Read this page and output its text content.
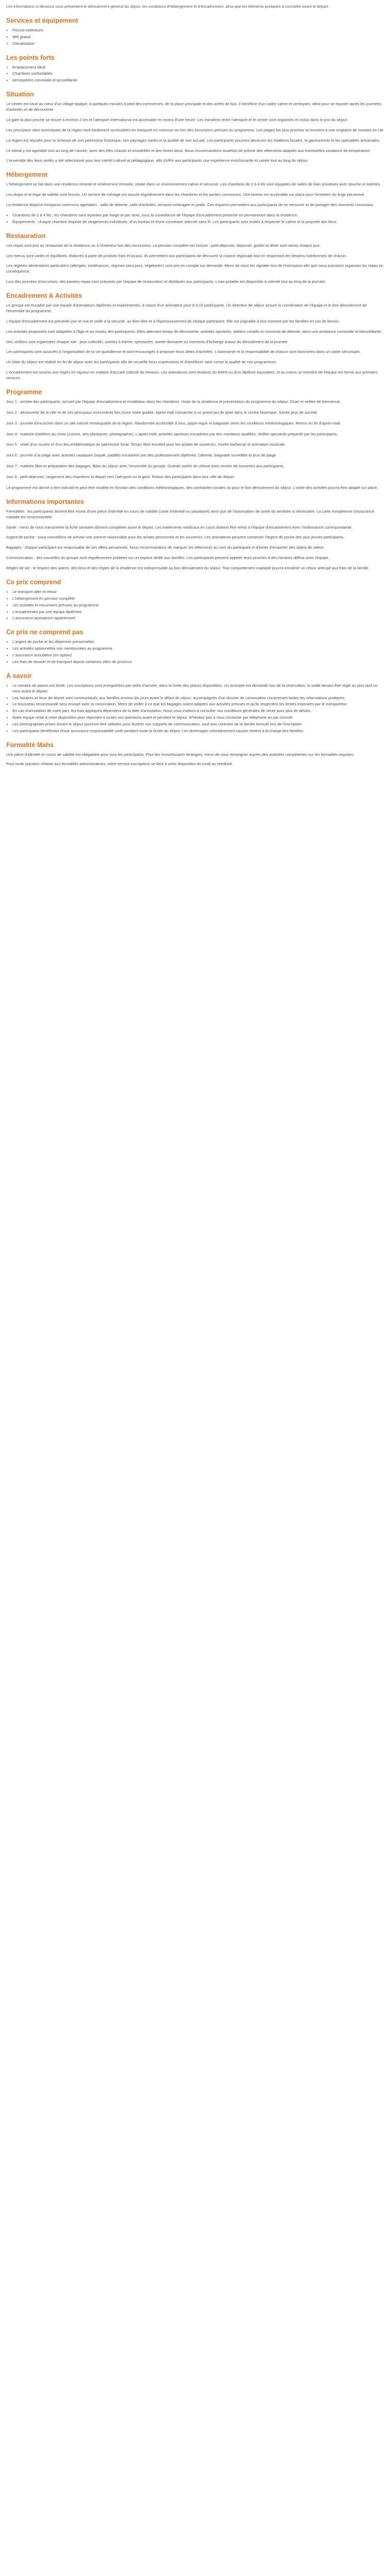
Les informations ci-dessous vous présentent le déroulement général du séjour, les conditions d'hébergement et d'encadrement, ainsi que les éléments pratiques à connaître avant le départ.

Services et équipement
• Piscine extérieure
• Wifi gratuit
• Climatisation
Les points forts
• Emplacement idéal
• Chambres confortables
• Atmosphère conviviale et accueillante
Situation

Le centre est situé au cœur d'un village typique, à quelques minutes à pied des commerces, de la place principale et des arrêts de bus. Il bénéficie d'un cadre calme et verdoyant, idéal pour se reposer après les journées d'activités et de découverte.

La gare la plus proche se trouve à environ 2 km et l'aéroport international est accessible en moins d'une heure. Les transferts entre l'aéroport et le centre sont organisés et inclus dans le prix du séjour.

Les principaux sites touristiques de la région sont facilement accessibles en transport en commun ou lors des excursions prévues au programme. Les plages les plus proches se trouvent à une vingtaine de minutes en car.

La région est réputée pour la richesse de son patrimoine historique, ses paysages variés et la qualité de son accueil. Les participants pourront découvrir les traditions locales, la gastronomie et les spécialités artisanales.

Le climat y est agréable tout au long de l'année, avec des étés chauds et ensoleillés et des hivers doux. Nous recommandons toutefois de prévoir des vêtements adaptés aux éventuelles variations de température.

L'ensemble des lieux visités a été sélectionné pour leur intérêt culturel et pédagogique, afin d'offrir aux participants une expérience enrichissante et variée tout au long du séjour.

Hébergement

L'hébergement se fait dans une résidence récente et entièrement rénovée, située dans un environnement calme et sécurisé. Les chambres de 2 à 4 lits sont équipées de salles de bain privatives avec douche et toilettes.

Les draps et le linge de toilette sont fournis. Un service de ménage est assuré régulièrement dans les chambres et les parties communes. Une laverie est accessible sur place pour l'entretien du linge personnel.

La résidence dispose d'espaces communs agréables : salle de détente, salle d'activités, terrasse ombragée et jardin. Ces espaces permettent aux participants de se retrouver et de partager des moments conviviaux.

• Chambres de 2 à 4 lits : les chambres sont réparties par étage et par sexe, sous la surveillance de l'équipe d'encadrement présente en permanence dans la résidence.
• Équipements : chaque chambre dispose de rangements individuels, d'un bureau et d'une connexion internet sans fil. Les participants sont invités à respecter le calme et la propreté des lieux.
Restauration

Les repas sont pris au restaurant de la résidence ou à l'extérieur lors des excursions. La pension complète est incluse : petit-déjeuner, déjeuner, goûter et dîner sont servis chaque jour.

Les menus sont variés et équilibrés, élaborés à partir de produits frais et locaux. Ils permettent aux participants de découvrir la cuisine régionale tout en respectant les besoins nutritionnels de chacun.

Les régimes alimentaires particuliers (allergies, intolérances, régimes sans porc, végétarien) sont pris en compte sur demande. Merci de nous les signaler lors de l'inscription afin que nous puissions organiser les repas en conséquence.

Lors des journées d'excursion, des paniers-repas sont préparés par l'équipe de restauration et distribués aux participants. L'eau potable est disponible à volonté tout au long de la journée.

Encadrement & Activités

Le groupe est encadré par une équipe d'animateurs diplômés et expérimentés, à raison d'un animateur pour 8 à 10 participants. Un directeur de séjour assure la coordination de l'équipe et le bon déroulement de l'ensemble du programme.

L'équipe d'encadrement est présente jour et nuit et veille à la sécurité, au bien-être et à l'épanouissement de chaque participant. Elle est joignable à tout moment par les familles en cas de besoin.

Les activités proposées sont adaptées à l'âge et au niveau des participants. Elles alternent temps de découverte, activités sportives, ateliers créatifs et moments de détente, dans une ambiance conviviale et bienveillante.

Des veillées sont organisées chaque soir : jeux collectifs, soirées à thème, spectacles, soirée dansante ou moments d'échange autour du déroulement de la journée.

Les participants sont associés à l'organisation de la vie quotidienne et sont encouragés à proposer leurs idées d'activités. L'autonomie et la responsabilité de chacun sont favorisées dans un cadre sécurisant.

Un bilan du séjour est réalisé en fin de séjour avec les participants afin de recueillir leurs impressions et d'améliorer sans cesse la qualité de nos programmes.

L'encadrement est soumis aux règles en vigueur en matière d'accueil collectif de mineurs. Les animateurs sont titulaires du BAFA ou d'un diplôme équivalent, et au moins un membre de l'équipe est formé aux premiers secours.

Programme

Jour 1 : arrivée des participants, accueil par l'équipe d'encadrement et installation dans les chambres. Visite de la résidence et présentation du programme du séjour. Dîner et veillée de bienvenue.

Jour 2 : découverte de la ville et de ses principaux monuments lors d'une visite guidée. Après-midi consacrée à un grand jeu de piste dans le centre historique. Soirée jeux de société.

Jour 3 : journée d'excursion dans un site naturel remarquable de la région. Randonnée accessible à tous, pique-nique et baignade selon les conditions météorologiques. Retour en fin d'après-midi.

Jour 4 : matinée d'ateliers au choix (cuisine, arts plastiques, photographie). L'après-midi, activités sportives encadrées par des moniteurs qualifiés. Veillée spectacle préparée par les participants.

Jour 5 : visite d'un musée et d'un lieu emblématique du patrimoine local. Temps libre encadré pour les achats de souvenirs. Soirée barbecue et animation musicale.

Jour 6 : journée à la plage avec activités nautiques (kayak, paddle) encadrées par des professionnels diplômés. Détente, baignade surveillée et jeux de plage.

Jour 7 : matinée libre et préparation des bagages. Bilan du séjour avec l'ensemble du groupe. Grande soirée de clôture avec remise de souvenirs aux participants.

Jour 8 : petit-déjeuner, rangement des chambres et départ vers l'aéroport ou la gare. Retour des participants dans leur ville de départ.

Le programme est donné à titre indicatif et peut être modifié en fonction des conditions météorologiques, des contraintes locales ou pour le bon déroulement du séjour. L'ordre des activités pourra être adapté sur place.

Informations importantes

Formalités : les participants doivent être munis d'une pièce d'identité en cours de validité (carte d'identité ou passeport) ainsi que de l'autorisation de sortie du territoire si nécessaire. La carte européenne d'assurance maladie est recommandée.

Santé : merci de nous transmettre la fiche sanitaire dûment complétée avant le départ. Les traitements médicaux en cours doivent être remis à l'équipe d'encadrement avec l'ordonnance correspondante.

Argent de poche : nous conseillons de prévoir une somme raisonnable pour les achats personnels et les souvenirs. Les animateurs peuvent conserver l'argent de poche des plus jeunes participants.

Bagages : chaque participant est responsable de ses effets personnels. Nous recommandons de marquer les vêtements au nom du participant et d'éviter d'emporter des objets de valeur.

Communication : des nouvelles du groupe sont régulièrement publiées sur un espace dédié aux familles. Les participants peuvent appeler leurs proches à des horaires définis avec l'équipe.

Règles de vie : le respect des autres, des lieux et des règles de la résidence est indispensable au bon déroulement du séjour. Tout comportement inadapté pourra entraîner un retour anticipé aux frais de la famille.

Ce prix comprend
• Le transport aller et retour
• L'hébergement en pension complète
• Les activités et excursions prévues au programme
• L'encadrement par une équipe diplômée
• L'assurance assistance rapatriement
Ce prix ne comprend pas
• L'argent de poche et les dépenses personnelles
• Les activités optionnelles non mentionnées au programme
• L'assurance annulation (en option)
• Les frais de dossier et de transport depuis certaines villes de province
À savoir
• Le nombre de places est limité. Les inscriptions sont enregistrées par ordre d'arrivée, dans la limite des places disponibles. Un acompte est demandé lors de la réservation, le solde devant être réglé au plus tard un mois avant le départ.
• Les horaires et lieux de départ sont communiqués aux familles environ dix jours avant le début du séjour, accompagnés d'un dossier de convocation comprenant toutes les informations pratiques.
• Le trousseau recommandé sera envoyé avec la convocation. Merci de veiller à ce que les bagages soient adaptés aux activités prévues et qu'ils respectent les limites imposées par le transporteur.
• En cas d'annulation de votre part, les frais appliqués dépendent de la date d'annulation. Nous vous invitons à consulter nos conditions générales de vente pour plus de détails.
• Notre équipe reste à votre disposition pour répondre à toutes vos questions avant et pendant le séjour. N'hésitez pas à nous contacter par téléphone ou par courriel.
• Les photographies prises durant le séjour pourront être utilisées pour illustrer nos supports de communication, sauf avis contraire de la famille formulé lors de l'inscription.
• Les participants bénéficient d'une assurance responsabilité civile pendant toute la durée du séjour. Les dommages volontairement causés restent à la charge des familles.
Formalité Mahs

Une pièce d'identité en cours de validité est obligatoire pour tous les participants. Pour les ressortissants étrangers, merci de vous renseigner auprès des autorités compétentes sur les formalités requises.

Pour toute question relative aux formalités administratives, notre service inscriptions se tient à votre disposition du lundi au vendredi.
